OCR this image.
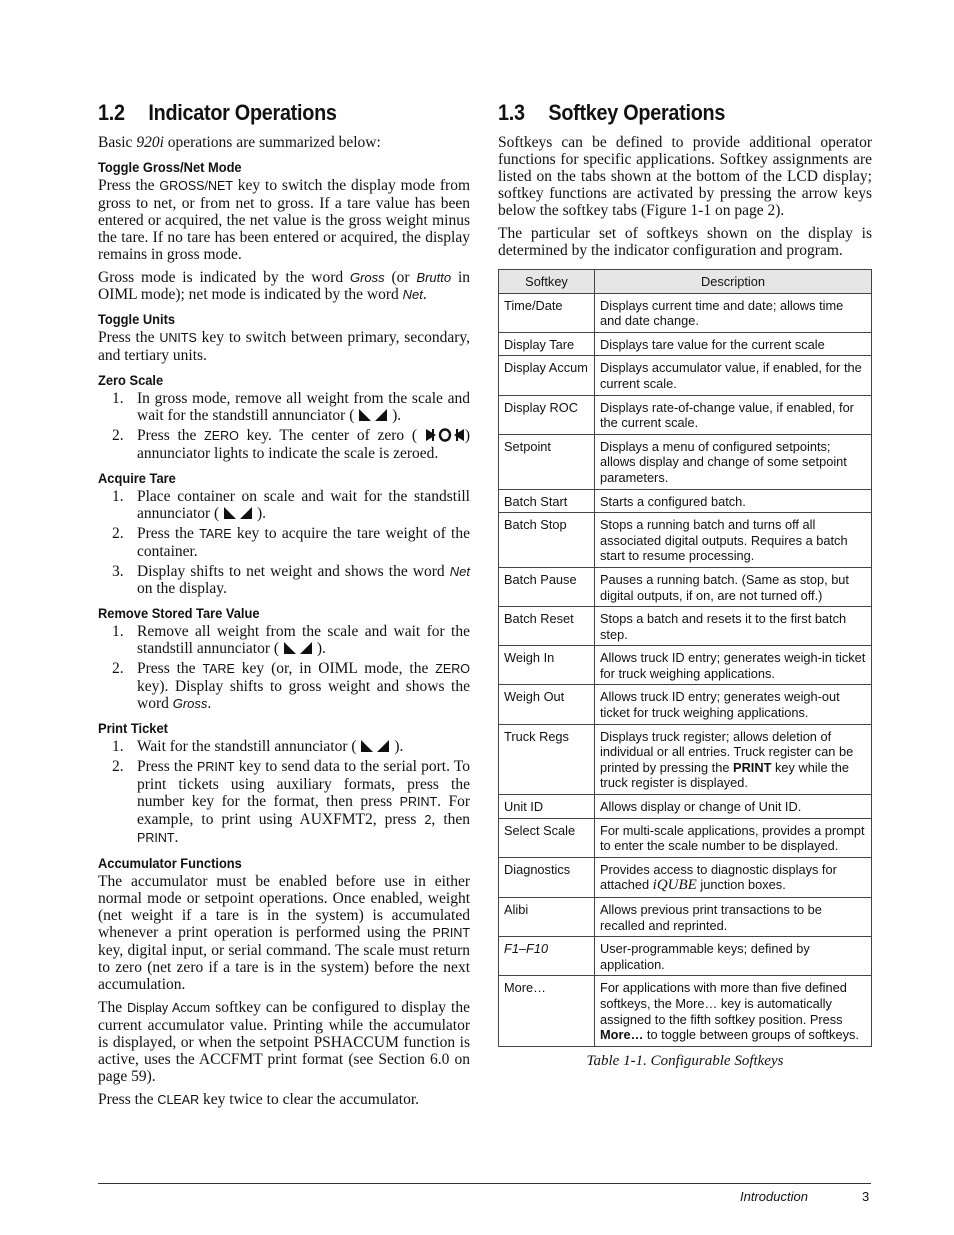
1.2 Indicator Operations

Basic 920i operations are summarized below:

Toggle Gross/Net Mode

Press the GROSS/NET key to switch the display mode from gross to net, or from net to gross. If a tare value has been entered or acquired, the net value is the gross weight minus the tare. If no tare has been entered or acquired, the display remains in gross mode.

Gross mode is indicated by the word Gross (or Brutto in OIML mode); net mode is indicated by the word Net.

Toggle Units

Press the UNITS key to switch between primary, secondary, and tertiary units.

Zero Scale
1. In gross mode, remove all weight from the scale and wait for the standstill annunciator (  ).
2. Press the ZERO key. The center of zero (	) annunciator lights to indicate the scale is zeroed.
Acquire Tare
1. Place container on scale and wait for the standstill annunciator (  ).
2. Press the TARE key to acquire the tare weight of the container.
3. Display shifts to net weight and shows the word Net on the display.
Remove Stored Tare Value
1. Remove all weight from the scale and wait for the standstill annunciator (  ).
2. Press the TARE key (or, in OIML mode, the ZERO key). Display shifts to gross weight and shows the word Gross.
Print Ticket
1. Wait for the standstill annunciator (  ).
2. Press the PRINT key to send data to the serial port. To print tickets using auxiliary formats, press the number key for the format, then press PRINT. For example, to print using AUXFMT2, press 2, then PRINT.
Accumulator Functions

The accumulator must be enabled before use in either normal mode or setpoint operations. Once enabled, weight (net weight if a tare is in the system) is accumulated whenever a print operation is performed using the PRINT key, digital input, or serial command. The scale must return to zero (net zero if a tare is in the system) before the next accumulation.

The Display Accum softkey can be configured to display the current accumulator value. Printing while the accumulator is displayed, or when the setpoint PSHACCUM function is active, uses the ACCFMT print format (see Section 6.0 on page 59).

Press the CLEAR key twice to clear the accumulator.

1.3 Softkey Operations

Softkeys can be defined to provide additional operator functions for specific applications. Softkey assignments are listed on the tabs shown at the bottom of the LCD display; softkey functions are activated by pressing the arrow keys below the softkey tabs (Figure 1-1 on page 2).

The particular set of softkeys shown on the display is determined by the indicator configuration and program.

Softkey	Description
Time/Date	Displays current time and date; allows time and date change.
Display Tare	Displays tare value for the current scale
Display Accum	Displays accumulator value, if enabled, for the current scale.
Display ROC	Displays rate-of-change value, if enabled, for the current scale.
Setpoint	Displays a menu of configured setpoints; allows display and change of some setpoint parameters.
Batch Start	Starts a configured batch.
Batch Stop	Stops a running batch and turns off all associated digital outputs. Requires a batch start to resume processing.
Batch Pause	Pauses a running batch. (Same as stop, but digital outputs, if on, are not turned off.)
Batch Reset	Stops a batch and resets it to the first batch step.
Weigh In	Allows truck ID entry; generates weigh-in ticket for truck weighing applications.
Weigh Out	Allows truck ID entry; generates weigh-out ticket for truck weighing applications.
Truck Regs	Displays truck register; allows deletion of individual or all entries. Truck register can be printed by pressing the PRINT key while the truck register is displayed.
Unit ID	Allows display or change of Unit ID.
Select Scale	For multi-scale applications, provides a prompt to enter the scale number to be displayed.
Diagnostics	Provides access to diagnostic displays for attached iQUBE junction boxes.
Alibi	Allows previous print transactions to be recalled and reprinted.
F1–F10	User-programmable keys; defined by application.
More…	For applications with more than five defined softkeys, the More… key is automatically assigned to the fifth softkey position. Press More… to toggle between groups of softkeys.
Table 1-1. Configurable Softkeys
Introduction	3
